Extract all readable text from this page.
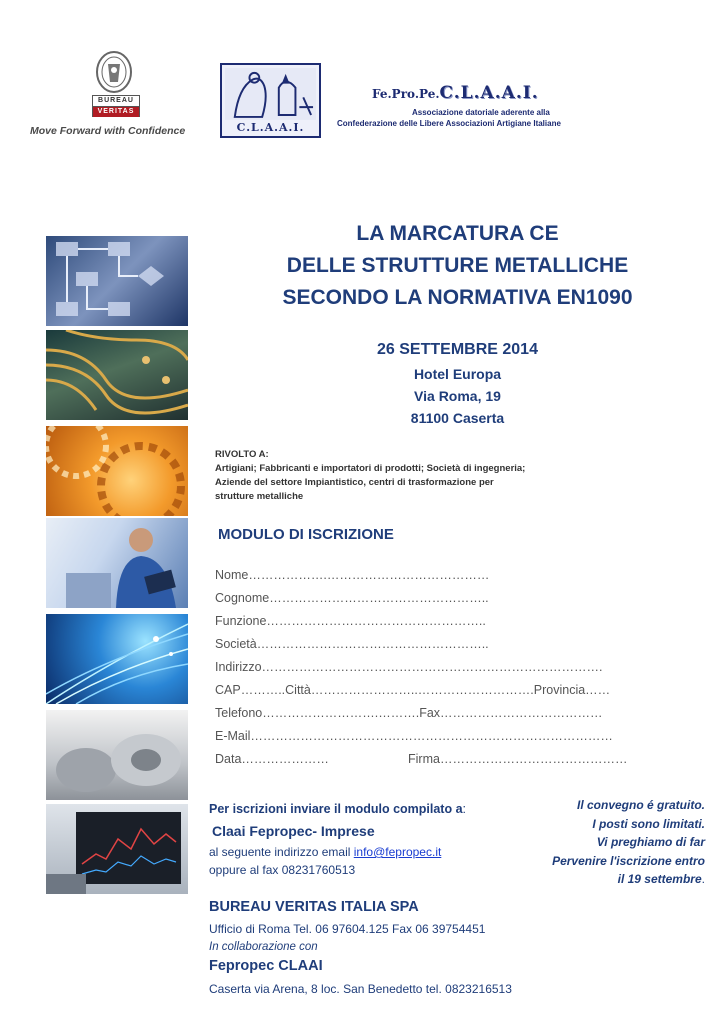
BUREAU
VERITAS
Move Forward with Confidence	C.L.A.A.I.
Fe.Pro.Pe.C.L.A.A.I.
Associazione datoriale aderente alla
Confederazione delle Libere Associazioni Artigiane Italiane
LA MARCATURA CE
DELLE STRUTTURE METALLICHE
SECONDO LA NORMATIVA EN1090
26 SETTEMBRE 2014
Hotel Europa
Via Roma, 19
81100 Caserta
RIVOLTO A:
Artigiani; Fabbricanti e importatori di prodotti; Società di ingegneria;
Aziende del settore Impiantistico, centri di trasformazione per
strutture metalliche
MODULO DI ISCRIZIONE
Nome……………….…………………………………
Cognome……………………………………………..
Funzione……………………………………………..
Società………………………………………………..
Indirizzo……………………………………………………………………….
CAP………..Città……………………..……………………….Provincia……
Telefono……………………….……….Fax…………………………………
E-Mail……………………………………………………………………………
Data…………………	Firma………………………………………
Per iscrizioni inviare il modulo compilato a:
Claai Fepropec- Imprese
al seguente indirizzo email info@fepropec.it
oppure al fax 08231760513
Il convegno é gratuito.
I posti sono limitati.
Vi preghiamo di far
Pervenire l'iscrizione entro
il 19 settembre.
BUREAU VERITAS ITALIA SPA
Ufficio di Roma Tel. 06 97604.125 Fax 06 39754451
In collaborazione con
Fepropec CLAAI
Caserta via Arena, 8 loc. San Benedetto tel. 0823216513
